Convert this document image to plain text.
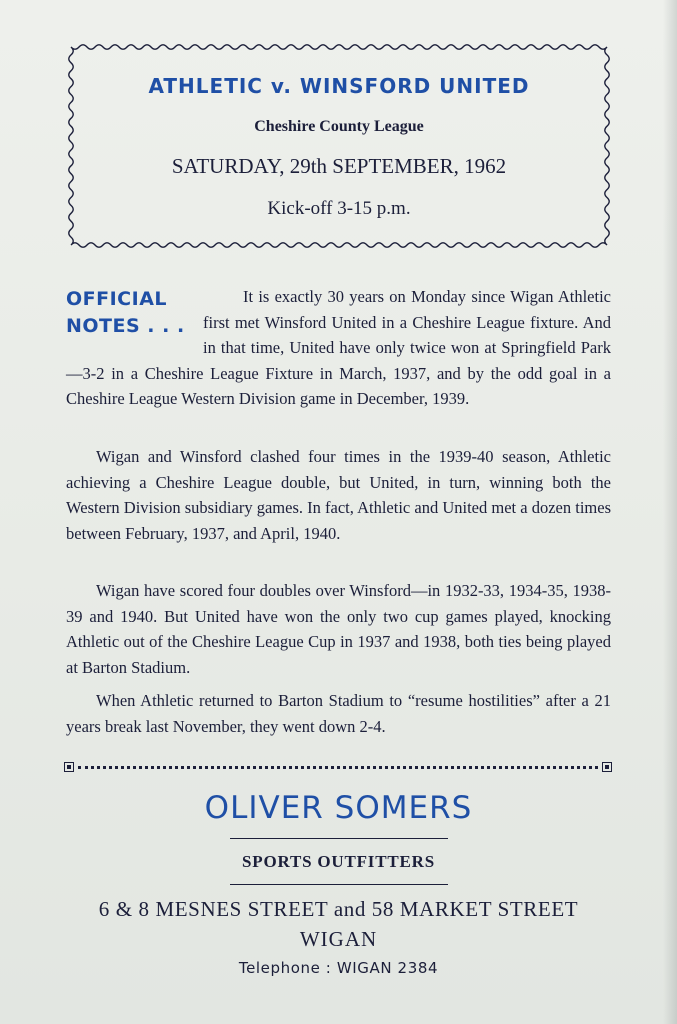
ATHLETIC v. WINSFORD UNITED
Cheshire County League
SATURDAY, 29th SEPTEMBER, 1962
Kick-off 3-15 p.m.
OFFICIAL
NOTES . . .

It is exactly 30 years on Monday since Wigan Athletic first met Winsford United in a Cheshire League fixture. And in that time, United have only twice won at Springfield Park—3-2 in a Cheshire League Fixture in March, 1937, and by the odd goal in a Cheshire League Western Division game in December, 1939.

Wigan and Winsford clashed four times in the 1939-40 season, Athletic achieving a Cheshire League double, but United, in turn, winning both the Western Division subsidiary games. In fact, Athletic and United met a dozen times between February, 1937, and April, 1940.

Wigan have scored four doubles over Winsford—in 1932-33, 1934-35, 1938-39 and 1940. But United have won the only two cup games played, knocking Athletic out of the Cheshire League Cup in 1937 and 1938, both ties being played at Barton Stadium.

When Athletic returned to Barton Stadium to “resume hostilities” after a 21 years break last November, they went down 2-4.

OLIVER SOMERS
SPORTS OUTFITTERS
6 & 8 MESNES STREET and 58 MARKET STREET
WIGAN
Telephone : WIGAN 2384
